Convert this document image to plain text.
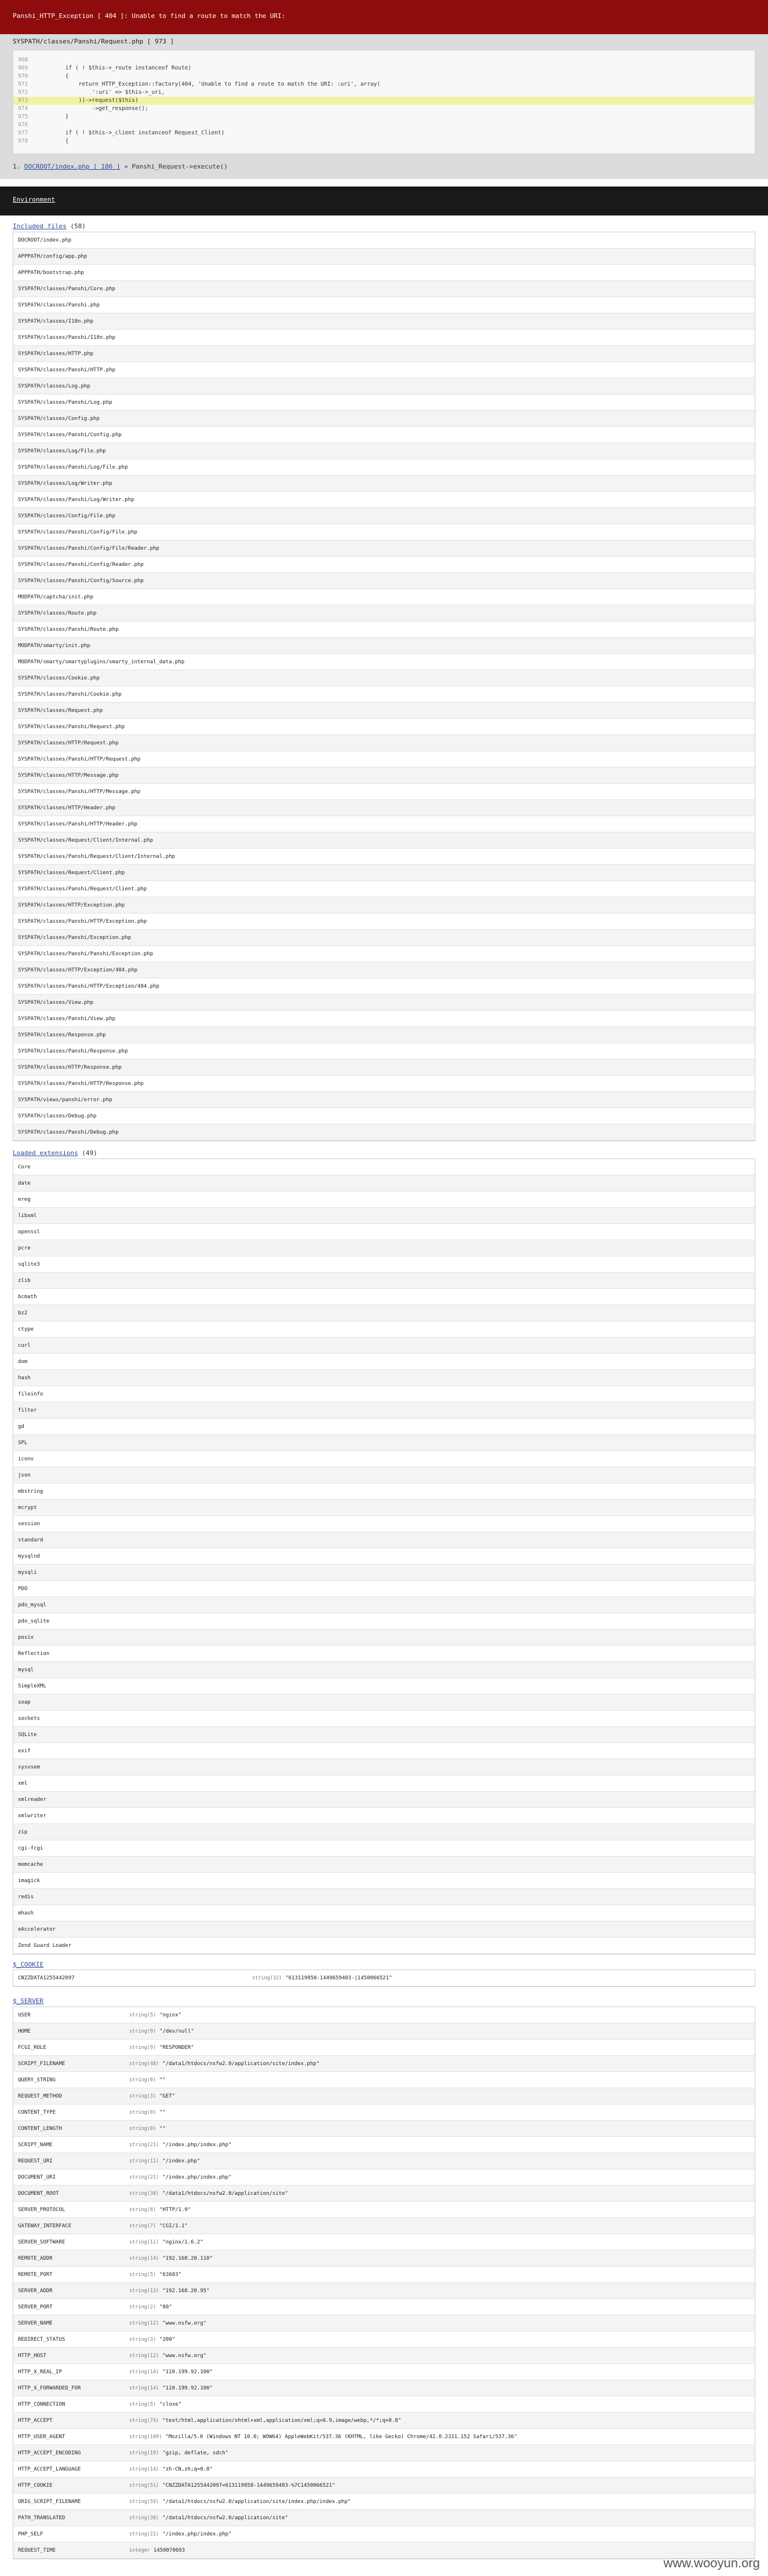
Panshi_HTTP_Exception [ 404 ]: Unable to find a route to match the URI:
SYSPATH/classes/Panshi/Request.php [ 973 ]
968
969	if ( ! $this->_route instanceof Route)
970	{
971	return HTTP_Exception::factory(404, 'Unable to find a route to match the URI: :uri', array(
972	':uri' => $this->_uri,
973	))->request($this)
974	->get_response();
975	}
976
977	if ( ! $this->_client instanceof Request_Client)
978	{
1. DOCROOT/index.php [ 106 ] » Panshi_Request->execute()
Environment
Included files (58)
DOCROOT/index.php
APPPATH/config/app.php
APPPATH/bootstrap.php
SYSPATH/classes/Panshi/Core.php
SYSPATH/classes/Panshi.php
SYSPATH/classes/I18n.php
SYSPATH/classes/Panshi/I18n.php
SYSPATH/classes/HTTP.php
SYSPATH/classes/Panshi/HTTP.php
SYSPATH/classes/Log.php
SYSPATH/classes/Panshi/Log.php
SYSPATH/classes/Config.php
SYSPATH/classes/Panshi/Config.php
SYSPATH/classes/Log/File.php
SYSPATH/classes/Panshi/Log/File.php
SYSPATH/classes/Log/Writer.php
SYSPATH/classes/Panshi/Log/Writer.php
SYSPATH/classes/Config/File.php
SYSPATH/classes/Panshi/Config/File.php
SYSPATH/classes/Panshi/Config/File/Reader.php
SYSPATH/classes/Panshi/Config/Reader.php
SYSPATH/classes/Panshi/Config/Source.php
MODPATH/captcha/init.php
SYSPATH/classes/Route.php
SYSPATH/classes/Panshi/Route.php
MODPATH/smarty/init.php
MODPATH/smarty/smartyplugins/smarty_internal_data.php
SYSPATH/classes/Cookie.php
SYSPATH/classes/Panshi/Cookie.php
SYSPATH/classes/Request.php
SYSPATH/classes/Panshi/Request.php
SYSPATH/classes/HTTP/Request.php
SYSPATH/classes/Panshi/HTTP/Request.php
SYSPATH/classes/HTTP/Message.php
SYSPATH/classes/Panshi/HTTP/Message.php
SYSPATH/classes/HTTP/Header.php
SYSPATH/classes/Panshi/HTTP/Header.php
SYSPATH/classes/Request/Client/Internal.php
SYSPATH/classes/Panshi/Request/Client/Internal.php
SYSPATH/classes/Request/Client.php
SYSPATH/classes/Panshi/Request/Client.php
SYSPATH/classes/HTTP/Exception.php
SYSPATH/classes/Panshi/HTTP/Exception.php
SYSPATH/classes/Panshi/Exception.php
SYSPATH/classes/Panshi/Panshi/Exception.php
SYSPATH/classes/HTTP/Exception/404.php
SYSPATH/classes/Panshi/HTTP/Exception/404.php
SYSPATH/classes/View.php
SYSPATH/classes/Panshi/View.php
SYSPATH/classes/Response.php
SYSPATH/classes/Panshi/Response.php
SYSPATH/classes/HTTP/Response.php
SYSPATH/classes/Panshi/HTTP/Response.php
SYSPATH/views/panshi/error.php
SYSPATH/classes/Debug.php
SYSPATH/classes/Panshi/Debug.php
Loaded extensions (49)
Core
date
ereg
libxml
openssl
pcre
sqlite3
zlib
bcmath
bz2
ctype
curl
dom
hash
fileinfo
filter
gd
SPL
iconv
json
mbstring
mcrypt
session
standard
mysqlnd
mysqli
PDO
pdo_mysql
pdo_sqlite
posix
Reflection
mysql
SimpleXML
soap
sockets
SQLite
exif
sysvsem
xml
xmlreader
xmlwriter
zip
cgi-fcgi
memcache
imagick
redis
mhash
eAccelerator
Zend Guard Loader
$_COOKIE
CNZZDATA1255442097	string(32) "613119858-1449659403-|1450066521"
$_SERVER
USER	string(5) "nginx"
HOME	string(9) "/dev/null"
FCGI_ROLE	string(9) "RESPONDER"
SCRIPT_FILENAME	string(48) "/data1/htdocs/nsfw2.0/application/site/index.php"
QUERY_STRING	string(0) ""
REQUEST_METHOD	string(3) "GET"
CONTENT_TYPE	string(0) ""
CONTENT_LENGTH	string(0) ""
SCRIPT_NAME	string(21) "/index.php/index.php"
REQUEST_URI	string(11) "/index.php"
DOCUMENT_URI	string(21) "/index.php/index.php"
DOCUMENT_ROOT	string(38) "/data1/htdocs/nsfw2.0/application/site"
SERVER_PROTOCOL	string(8) "HTTP/1.0"
GATEWAY_INTERFACE	string(7) "CGI/1.1"
SERVER_SOFTWARE	string(11) "nginx/1.6.2"
REMOTE_ADDR	string(14) "192.168.20.110"
REMOTE_PORT	string(5) "63683"
SERVER_ADDR	string(13) "192.168.20.95"
SERVER_PORT	string(2) "80"
SERVER_NAME	string(12) "www.nsfw.org"
REDIRECT_STATUS	string(3) "200"
HTTP_HOST	string(12) "www.nsfw.org"
HTTP_X_REAL_IP	string(14) "110.199.92.100"
HTTP_X_FORWARDED_FOR	string(14) "110.199.92.100"
HTTP_CONNECTION	string(5) "close"
HTTP_ACCEPT	string(74) "text/html,application/xhtml+xml,application/xml;q=0.9,image/webp,*/*;q=0.8"
HTTP_USER_AGENT	string(109) "Mozilla/5.0 (Windows NT 10.0; WOW64) AppleWebKit/537.36 (KHTML, like Gecko) Chrome/42.0.2311.152 Safari/537.36"
HTTP_ACCEPT_ENCODING	string(19) "gzip, deflate, sdch"
HTTP_ACCEPT_LANGUAGE	string(14) "zh-CN,zh;q=0.8"
HTTP_COOKIE	string(51) "CNZZDATA1255442097=613119858-1449659403-%7C1450066521"
ORIG_SCRIPT_FILENAME	string(59) "/data1/htdocs/nsfw2.0/application/site/index.php/index.php"
PATH_TRANSLATED	string(38) "/data1/htdocs/nsfw2.0/application/site"
PHP_SELF	string(21) "/index.php/index.php"
REQUEST_TIME	integer 1450070693
www.wooyun.org
